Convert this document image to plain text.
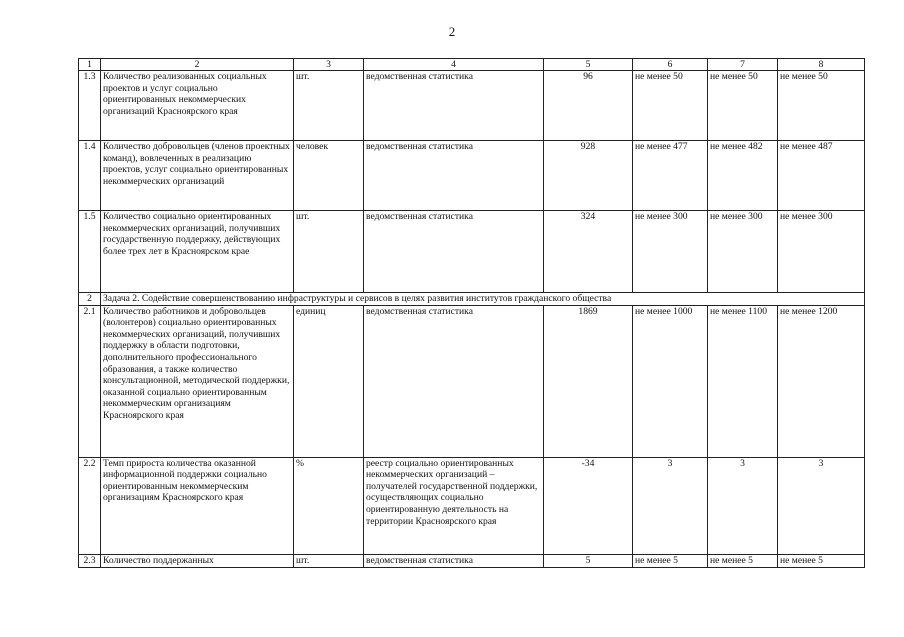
2
1	2	3	4	5	6	7	8
1.3	Количество реализованных социальных проектов и услуг социально ориентированных некоммерческих организаций Красноярского края	шт.	ведомственная статистика	96	не менее 50	не менее 50	не менее 50
1.4	Количество добровольцев (членов проектных команд), вовлеченных в реализацию проектов, услуг социально ориентированных некоммерческих организаций	человек	ведомственная статистика	928	не менее 477	не менее 482	не менее 487
1.5	Количество социально ориентированных некоммерческих организаций, получивших государственную поддержку, действующих более трех лет в Красноярском крае	шт.	ведомственная статистика	324	не менее 300	не менее 300	не менее 300
2	Задача 2. Содействие совершенствованию инфраструктуры и сервисов в целях развития институтов гражданского общества						
2.1	Количество работников и добровольцев (волонтеров) социально ориентированных некоммерческих организаций, получивших поддержку в области подготовки, дополнительного профессионального образования, а также количество консультационной, методической поддержки, оказанной социально ориентированным некоммерческим организациям Красноярского края	единиц	ведомственная статистика	1869	не менее 1000	не менее 1100	не менее 1200
2.2	Темп прироста количества оказанной информационной поддержки социально ориентированным некоммерческим организациям Красноярского края	%	реестр социально ориентированных некоммерческих организаций – получателей государственной поддержки, осуществляющих социально ориентированную деятельность на территории Красноярского края	-34	3	3	3
2.3	Количество поддержанных	шт.	ведомственная статистика	5	не менее 5	не менее 5	не менее 5
